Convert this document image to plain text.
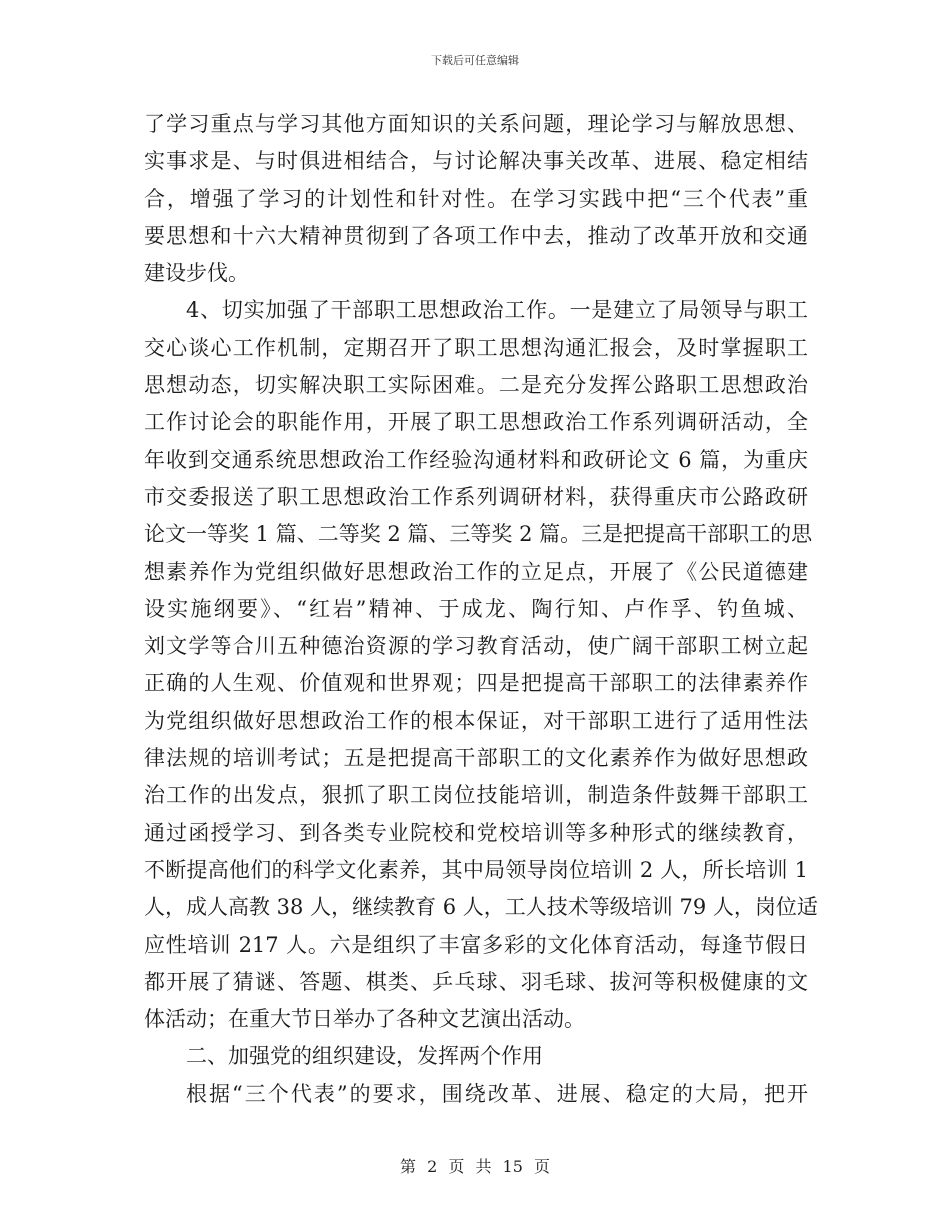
下载后可任意编辑
了学习重点与学习其他方面知识的关系问题，理论学习与解放思想、
实事求是、与时俱进相结合，与讨论解决事关改革、进展、稳定相结
合，增强了学习的计划性和针对性。在学习实践中把“三个代表”重
要思想和十六大精神贯彻到了各项工作中去，推动了改革开放和交通
建设步伐。
4、切实加强了干部职工思想政治工作。一是建立了局领导与职工
交心谈心工作机制，定期召开了职工思想沟通汇报会，及时掌握职工
思想动态，切实解决职工实际困难。二是充分发挥公路职工思想政治
工作讨论会的职能作用，开展了职工思想政治工作系列调研活动，全
年收到交通系统思想政治工作经验沟通材料和政研论文 6 篇，为重庆
市交委报送了职工思想政治工作系列调研材料，获得重庆市公路政研
论文一等奖 1 篇、二等奖 2 篇、三等奖 2 篇。三是把提高干部职工的思
想素养作为党组织做好思想政治工作的立足点，开展了《公民道德建
设实施纲要》、“红岩”精神、于成龙、陶行知、卢作孚、钓鱼城、
刘文学等合川五种德治资源的学习教育活动，使广阔干部职工树立起
正确的人生观、价值观和世界观；四是把提高干部职工的法律素养作
为党组织做好思想政治工作的根本保证，对干部职工进行了适用性法
律法规的培训考试；五是把提高干部职工的文化素养作为做好思想政
治工作的出发点，狠抓了职工岗位技能培训，制造条件鼓舞干部职工
通过函授学习、到各类专业院校和党校培训等多种形式的继续教育，
不断提高他们的科学文化素养，其中局领导岗位培训 2 人，所长培训 1
人，成人高教 38 人，继续教育 6 人，工人技术等级培训 79 人，岗位适
应性培训 217 人。六是组织了丰富多彩的文化体育活动，每逢节假日
都开展了猜谜、答题、棋类、乒乓球、羽毛球、拔河等积极健康的文
体活动；在重大节日举办了各种文艺演出活动。
二、加强党的组织建设，发挥两个作用
根据“三个代表”的要求，围绕改革、进展、稳定的大局，把开
第 2 页 共 15 页
